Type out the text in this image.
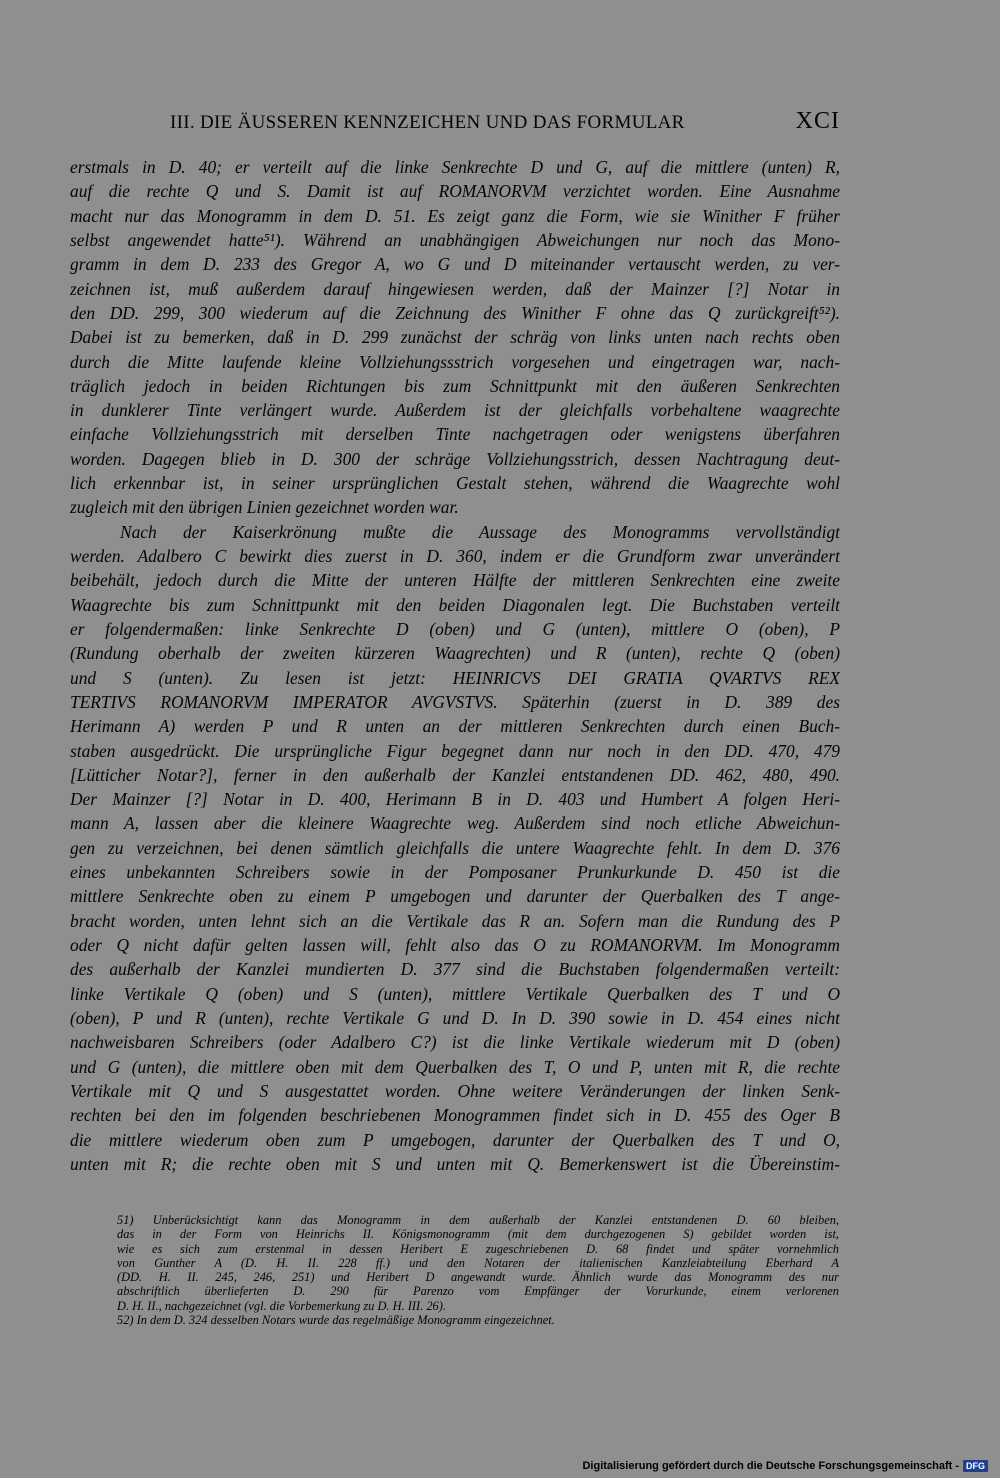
III. DIE ÄUSSEREN KENNZEICHEN UND DAS FORMULAR	XCI
erstmals in D. 40; er verteilt auf die linke Senkrechte D und G, auf die mittlere (unten) R,
auf die rechte Q und S. Damit ist auf ROMANORVM verzichtet worden. Eine Ausnahme
macht nur das Monogramm in dem D. 51. Es zeigt ganz die Form, wie sie Winither F früher
selbst angewendet hatte⁵¹). Während an unabhängigen Abweichungen nur noch das Mono-
gramm in dem D. 233 des Gregor A, wo G und D miteinander vertauscht werden, zu ver-
zeichnen ist, muß außerdem darauf hingewiesen werden, daß der Mainzer [?] Notar in
den DD. 299, 300 wiederum auf die Zeichnung des Winither F ohne das Q zurückgreift⁵²).
Dabei ist zu bemerken, daß in D. 299 zunächst der schräg von links unten nach rechts oben
durch die Mitte laufende kleine Vollziehungssstrich vorgesehen und eingetragen war, nach-
träglich jedoch in beiden Richtungen bis zum Schnittpunkt mit den äußeren Senkrechten
in dunklerer Tinte verlängert wurde. Außerdem ist der gleichfalls vorbehaltene waagrechte
einfache Vollziehungsstrich mit derselben Tinte nachgetragen oder wenigstens überfahren
worden. Dagegen blieb in D. 300 der schräge Vollziehungsstrich, dessen Nachtragung deut-
lich erkennbar ist, in seiner ursprünglichen Gestalt stehen, während die Waagrechte wohl
zugleich mit den übrigen Linien gezeichnet worden war.
Nach der Kaiserkrönung mußte die Aussage des Monogramms vervollständigt
werden. Adalbero C bewirkt dies zuerst in D. 360, indem er die Grundform zwar unverändert
beibehält, jedoch durch die Mitte der unteren Hälfte der mittleren Senkrechten eine zweite
Waagrechte bis zum Schnittpunkt mit den beiden Diagonalen legt. Die Buchstaben verteilt
er folgendermaßen: linke Senkrechte D (oben) und G (unten), mittlere O (oben), P
(Rundung oberhalb der zweiten kürzeren Waagrechten) und R (unten), rechte Q (oben)
und S (unten). Zu lesen ist jetzt: HEINRICVS DEI GRATIA QVARTVS REX
TERTIVS ROMANORVM IMPERATOR AVGVSTVS. Späterhin (zuerst in D. 389 des
Herimann A) werden P und R unten an der mittleren Senkrechten durch einen Buch-
staben ausgedrückt. Die ursprüngliche Figur begegnet dann nur noch in den DD. 470, 479
[Lütticher Notar?], ferner in den außerhalb der Kanzlei entstandenen DD. 462, 480, 490.
Der Mainzer [?] Notar in D. 400, Herimann B in D. 403 und Humbert A folgen Heri-
mann A, lassen aber die kleinere Waagrechte weg. Außerdem sind noch etliche Abweichun-
gen zu verzeichnen, bei denen sämtlich gleichfalls die untere Waagrechte fehlt. In dem D. 376
eines unbekannten Schreibers sowie in der Pomposaner Prunkurkunde D. 450 ist die
mittlere Senkrechte oben zu einem P umgebogen und darunter der Querbalken des T ange-
bracht worden, unten lehnt sich an die Vertikale das R an. Sofern man die Rundung des P
oder Q nicht dafür gelten lassen will, fehlt also das O zu ROMANORVM. Im Monogramm
des außerhalb der Kanzlei mundierten D. 377 sind die Buchstaben folgendermaßen verteilt:
linke Vertikale Q (oben) und S (unten), mittlere Vertikale Querbalken des T und O
(oben), P und R (unten), rechte Vertikale G und D. In D. 390 sowie in D. 454 eines nicht
nachweisbaren Schreibers (oder Adalbero C?) ist die linke Vertikale wiederum mit D (oben)
und G (unten), die mittlere oben mit dem Querbalken des T, O und P, unten mit R, die rechte
Vertikale mit Q und S ausgestattet worden. Ohne weitere Veränderungen der linken Senk-
rechten bei den im folgenden beschriebenen Monogrammen findet sich in D. 455 des Oger B
die mittlere wiederum oben zum P umgebogen, darunter der Querbalken des T und O,
unten mit R; die rechte oben mit S und unten mit Q. Bemerkenswert ist die Übereinstim-
51) Unberücksichtigt kann das Monogramm in dem außerhalb der Kanzlei entstandenen D. 60 bleiben,
das in der Form von Heinrichs II. Königsmonogramm (mit dem durchgezogenen S) gebildet worden ist,
wie es sich zum erstenmal in dessen Heribert E zugeschriebenen D. 68 findet und später vornehmlich
von Gunther A (D. H. II. 228 ff.) und den Notaren der italienischen Kanzleiabteilung Eberhard A
(DD. H. II. 245, 246, 251) und Heribert D angewandt wurde. Ähnlich wurde das Monogramm des nur
abschriftlich überlieferten D. 290 für Parenzo vom Empfänger der Vorurkunde, einem verlorenen
D. H. II., nachgezeichnet (vgl. die Vorbemerkung zu D. H. III. 26).
52) In dem D. 324 desselben Notars wurde das regelmäßige Monogramm eingezeichnet.
Digitalisierung gefördert durch die Deutsche Forschungsgemeinschaft - DFG
